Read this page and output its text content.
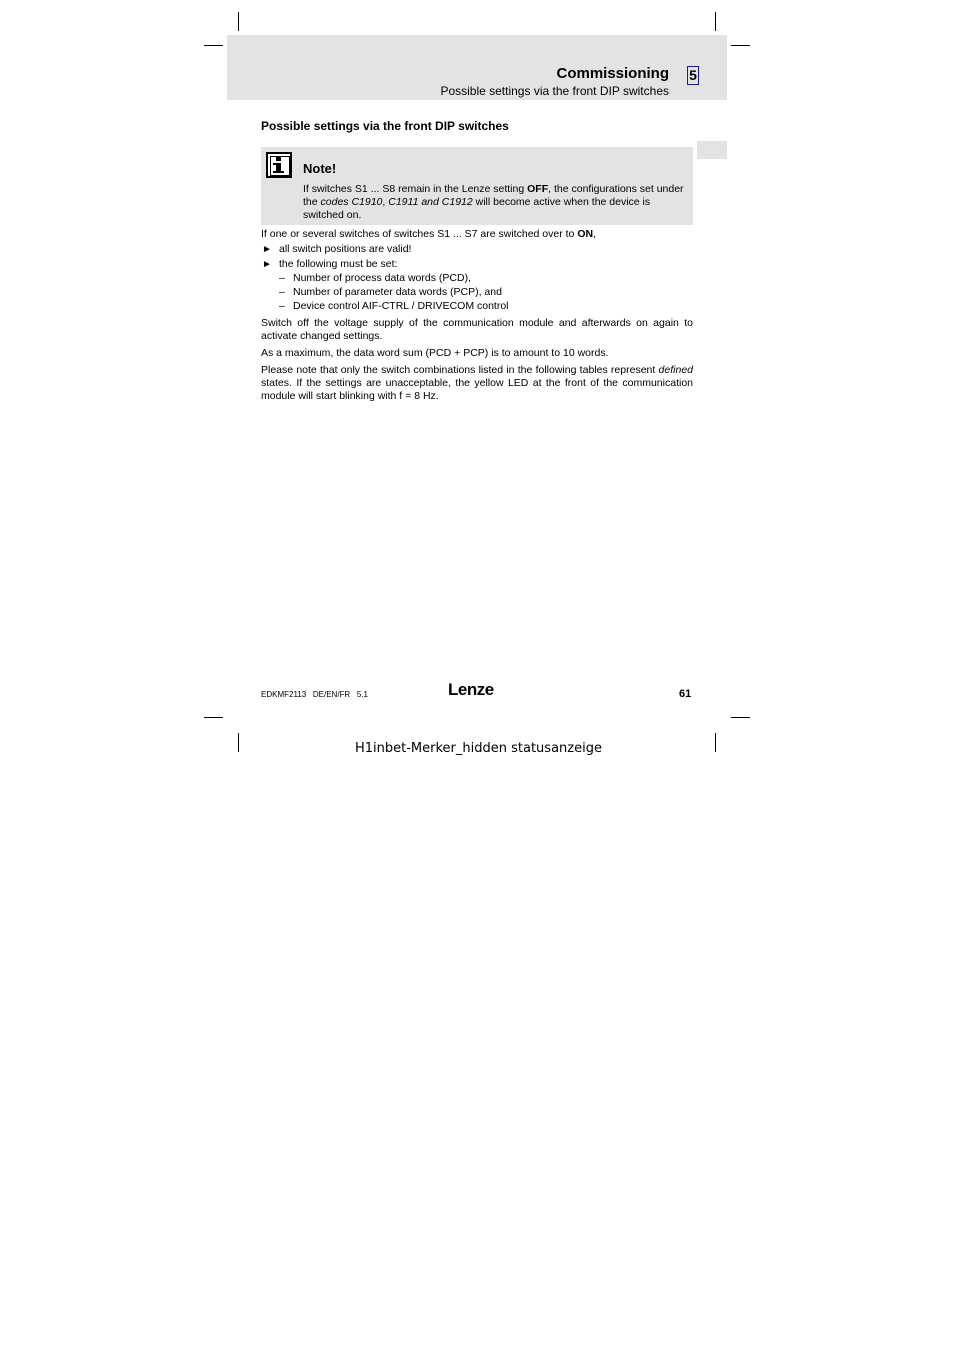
Commissioning 5
Possible settings via the front DIP switches
Possible settings via the front DIP switches
Note!
If switches S1 ... S8 remain in the Lenze setting OFF, the configurations set under the codes C1910, C1911 and C1912 will become active when the device is switched on.
If one or several switches of switches S1 ... S7 are switched over to ON,
► all switch positions are valid!
► the following must be set:
– Number of process data words (PCD),
– Number of parameter data words (PCP), and
– Device control AIF-CTRL / DRIVECOM control
Switch off the voltage supply of the communication module and afterwards on again to activate changed settings.
As a maximum, the data word sum (PCD + PCP) is to amount to 10 words.
Please note that only the switch combinations listed in the following tables represent defined states. If the settings are unacceptable, the yellow LED at the front of the communication module will start blinking with f = 8 Hz.
EDKMF2113   DE/EN/FR   5.1	Lenze	61
H1inbet-Merker_hidden statusanzeige
